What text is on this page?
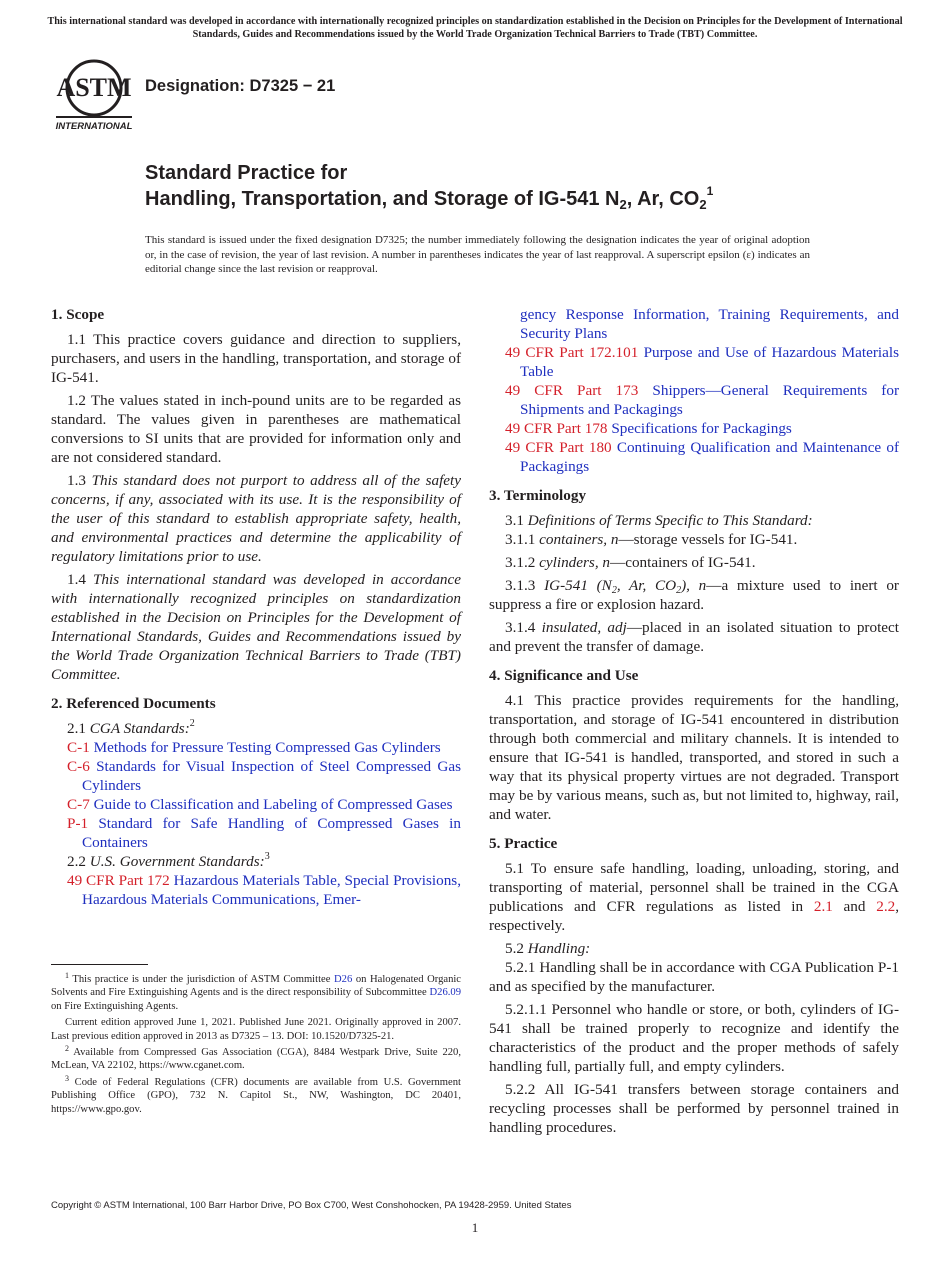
This international standard was developed in accordance with internationally recognized principles on standardization established in the Decision on Principles for the Development of International Standards, Guides and Recommendations issued by the World Trade Organization Technical Barriers to Trade (TBT) Committee.
ASTM
INTERNATIONAL
Designation: D7325 − 21
Standard Practice for
Handling, Transportation, and Storage of IG-541 $N_2$, Ar, $CO_2^1$
This standard is issued under the fixed designation D7325; the number immediately following the designation indicates the year of original adoption or, in the case of revision, the year of last revision. A number in parentheses indicates the year of last reapproval. A superscript epsilon (ε) indicates an editorial change since the last revision or reapproval.
1. Scope

1.1 This practice covers guidance and direction to suppliers, purchasers, and users in the handling, transportation, and storage of IG-541.

1.2 The values stated in inch-pound units are to be regarded as standard. The values given in parentheses are mathematical conversions to SI units that are provided for information only and are not considered standard.

1.3 This standard does not purport to address all of the safety concerns, if any, associated with its use. It is the responsibility of the user of this standard to establish appropriate safety, health, and environmental practices and determine the applicability of regulatory limitations prior to use.

1.4 This international standard was developed in accordance with internationally recognized principles on standardization established in the Decision on Principles for the Development of International Standards, Guides and Recommendations issued by the World Trade Organization Technical Barriers to Trade (TBT) Committee.

2. Referenced Documents

2.1 CGA Standards:$^2$

C-1 Methods for Pressure Testing Compressed Gas Cylinders
C-6 Standards for Visual Inspection of Steel Compressed Gas Cylinders
C-7 Guide to Classification and Labeling of Compressed Gases
P-1 Standard for Safe Handling of Compressed Gases in Containers

2.2 U.S. Government Standards:$^3$

49 CFR Part 172 Hazardous Materials Table, Special Provisions, Hazardous Materials Communications, Emer-

$^1$ This practice is under the jurisdiction of ASTM Committee D26 on Halogenated Organic Solvents and Fire Extinguishing Agents and is the direct responsibility of Subcommittee D26.09 on Fire Extinguishing Agents.

Current edition approved June 1, 2021. Published June 2021. Originally approved in 2007. Last previous edition approved in 2013 as D7325 – 13. DOI: 10.1520/D7325-21.

$^2$ Available from Compressed Gas Association (CGA), 8484 Westpark Drive, Suite 220, McLean, VA 22102, https://www.cganet.com.

$^3$ Code of Federal Regulations (CFR) documents are available from U.S. Government Publishing Office (GPO), 732 N. Capitol St., NW, Washington, DC 20401, https://www.gpo.gov.

gency Response Information, Training Requirements, and Security Plans
49 CFR Part 172.101 Purpose and Use of Hazardous Materials Table
49 CFR Part 173 Shippers—General Requirements for Shipments and Packagings
49 CFR Part 178 Specifications for Packagings
49 CFR Part 180 Continuing Qualification and Maintenance of Packagings
3. Terminology

3.1 Definitions of Terms Specific to This Standard:

3.1.1 containers, n—storage vessels for IG-541.

3.1.2 cylinders, n—containers of IG-541.

3.1.3 IG-541 ($N_2$, Ar, $CO_2$), n—a mixture used to inert or suppress a fire or explosion hazard.

3.1.4 insulated, adj—placed in an isolated situation to protect and prevent the transfer of damage.

4. Significance and Use

4.1 This practice provides requirements for the handling, transportation, and storage of IG-541 encountered in distribution through both commercial and military channels. It is intended to ensure that IG-541 is handled, transported, and stored in such a way that its physical property virtues are not degraded. Transport may be by various means, such as, but not limited to, highway, rail, and water.

5. Practice

5.1 To ensure safe handling, loading, unloading, storing, and transporting of material, personnel shall be trained in the CGA publications and CFR regulations as listed in 2.1 and 2.2, respectively.

5.2 Handling:

5.2.1 Handling shall be in accordance with CGA Publication P-1 and as specified by the manufacturer.

5.2.1.1 Personnel who handle or store, or both, cylinders of IG-541 shall be trained properly to recognize and identify the characteristics of the product and the proper methods of safely handling full, partially full, and empty cylinders.

5.2.2 All IG-541 transfers between storage containers and recycling processes shall be performed by personnel trained in handling procedures.

Copyright © ASTM International, 100 Barr Harbor Drive, PO Box C700, West Conshohocken, PA 19428-2959. United States
1
